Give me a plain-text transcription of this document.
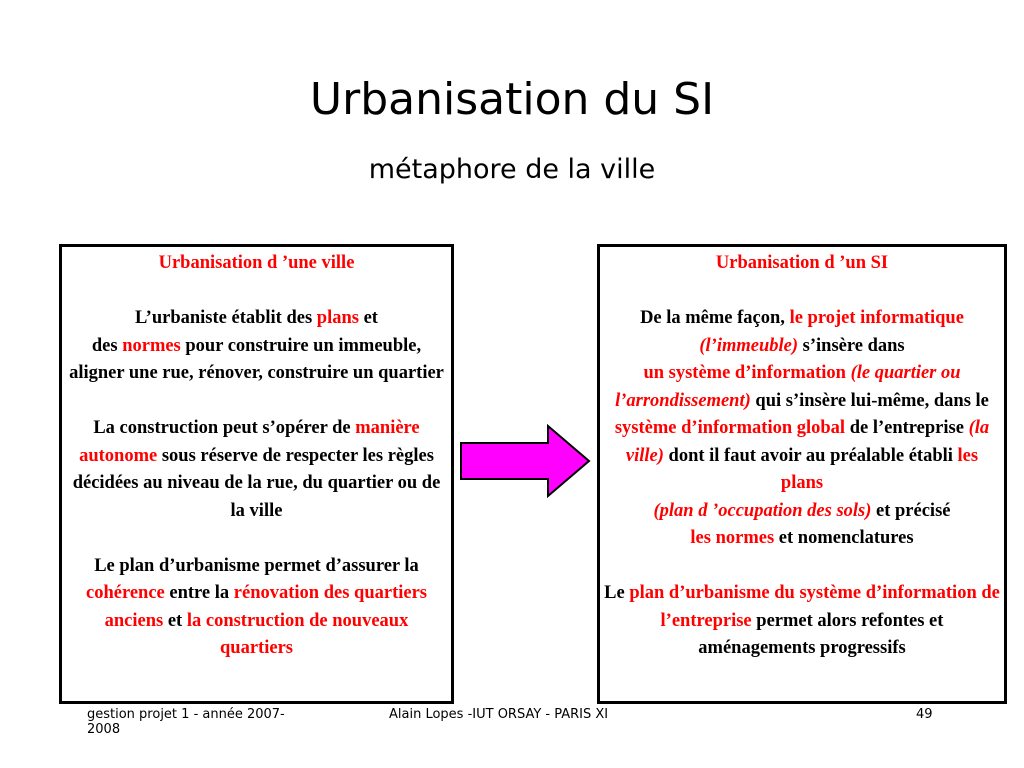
Urbanisation du SI
métaphore de la ville

Urbanisation d ’une ville

L’urbaniste établit des plans et
des normes pour construire un immeuble, aligner une rue, rénover, construire un quartier

La construction peut s’opérer de manière autonome sous réserve de respecter les règles décidées au niveau de la rue, du quartier ou de la ville

Le plan d’urbanisme permet d’assurer la cohérence entre la rénovation des quartiers anciens et la construction de nouveaux quartiers

Urbanisation d ’un SI

De la même façon, le projet informatique
(l’immeuble) s’insère dans
un système d’information (le quartier ou l’arrondissement) qui s’insère lui-même, dans le système d’information global de l’entreprise (la ville) dont il faut avoir au préalable établi les plans
(plan d ’occupation des sols) et précisé
les normes et nomenclatures

Le plan d’urbanisme du système d’information de l’entreprise permet alors refontes et aménagements progressifs

gestion projet 1 - année 2007-2008
Alain Lopes -IUT ORSAY - PARIS XI	49
